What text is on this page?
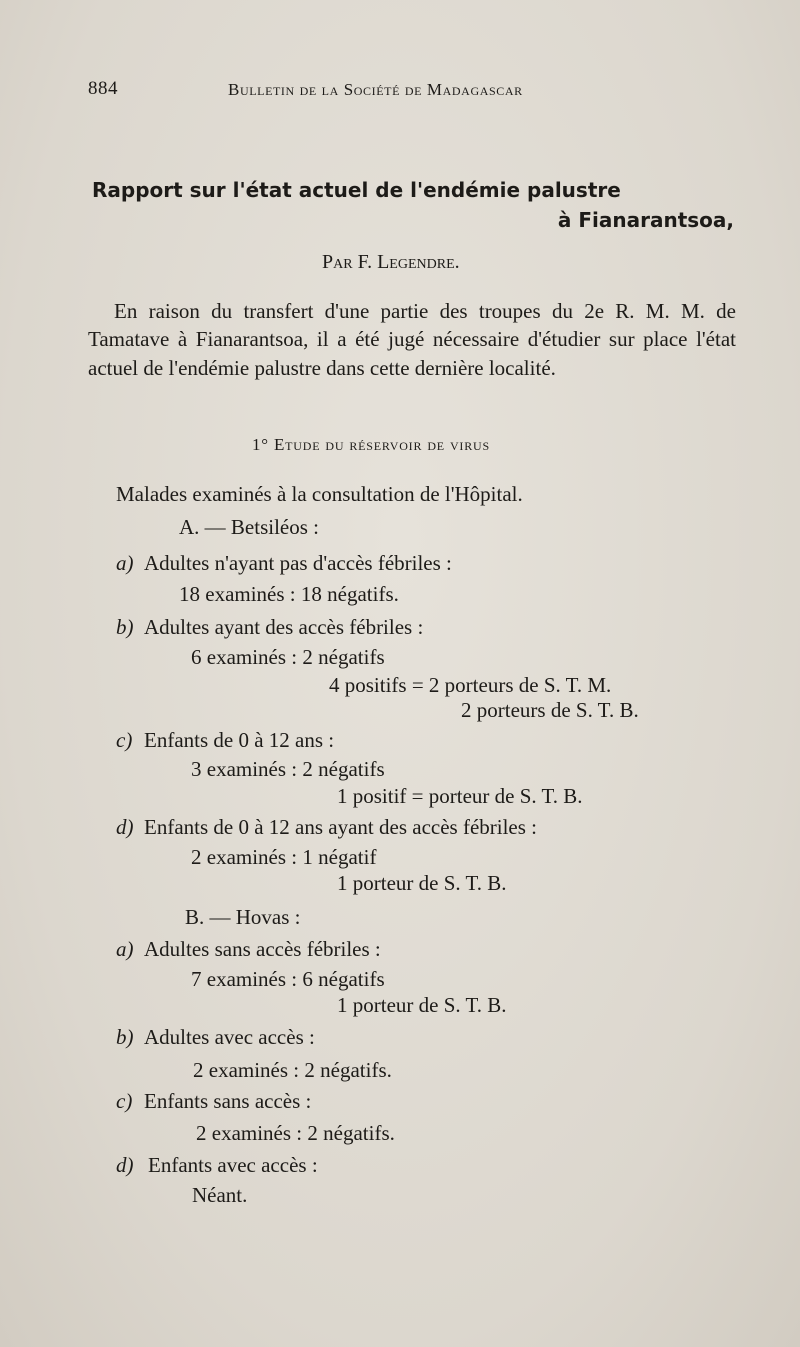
884	Bulletin de la Société de Madagascar
Rapport sur l'état actuel de l'endémie palustre
à Fianarantsoa,
Par F. Legendre.
En raison du transfert d'une partie des troupes du 2e R. M. M. de Tamatave à Fianarantsoa, il a été jugé nécessaire d'étudier sur place l'état actuel de l'endémie palustre dans cette dernière localité.
1° Etude du réservoir de virus
Malades examinés à la consultation de l'Hôpital.
A. — Betsiléos :
a) Adultes n'ayant pas d'accès fébriles :
18 examinés : 18 négatifs.
b) Adultes ayant des accès fébriles :
6 examinés : 2 négatifs
4 positifs = 2 porteurs de S. T. M.
2 porteurs de S. T. B.
c) Enfants de 0 à 12 ans :
3 examinés : 2 négatifs
1 positif = porteur de S. T. B.
d) Enfants de 0 à 12 ans ayant des accès fébriles :
2 examinés : 1 négatif
1 porteur de S. T. B.
B. — Hovas :
a) Adultes sans accès fébriles :
7 examinés : 6 négatifs
1 porteur de S. T. B.
b) Adultes avec accès :
2 examinés : 2 négatifs.
c) Enfants sans accès :
2 examinés : 2 négatifs.
d) Enfants avec accès :
Néant.
